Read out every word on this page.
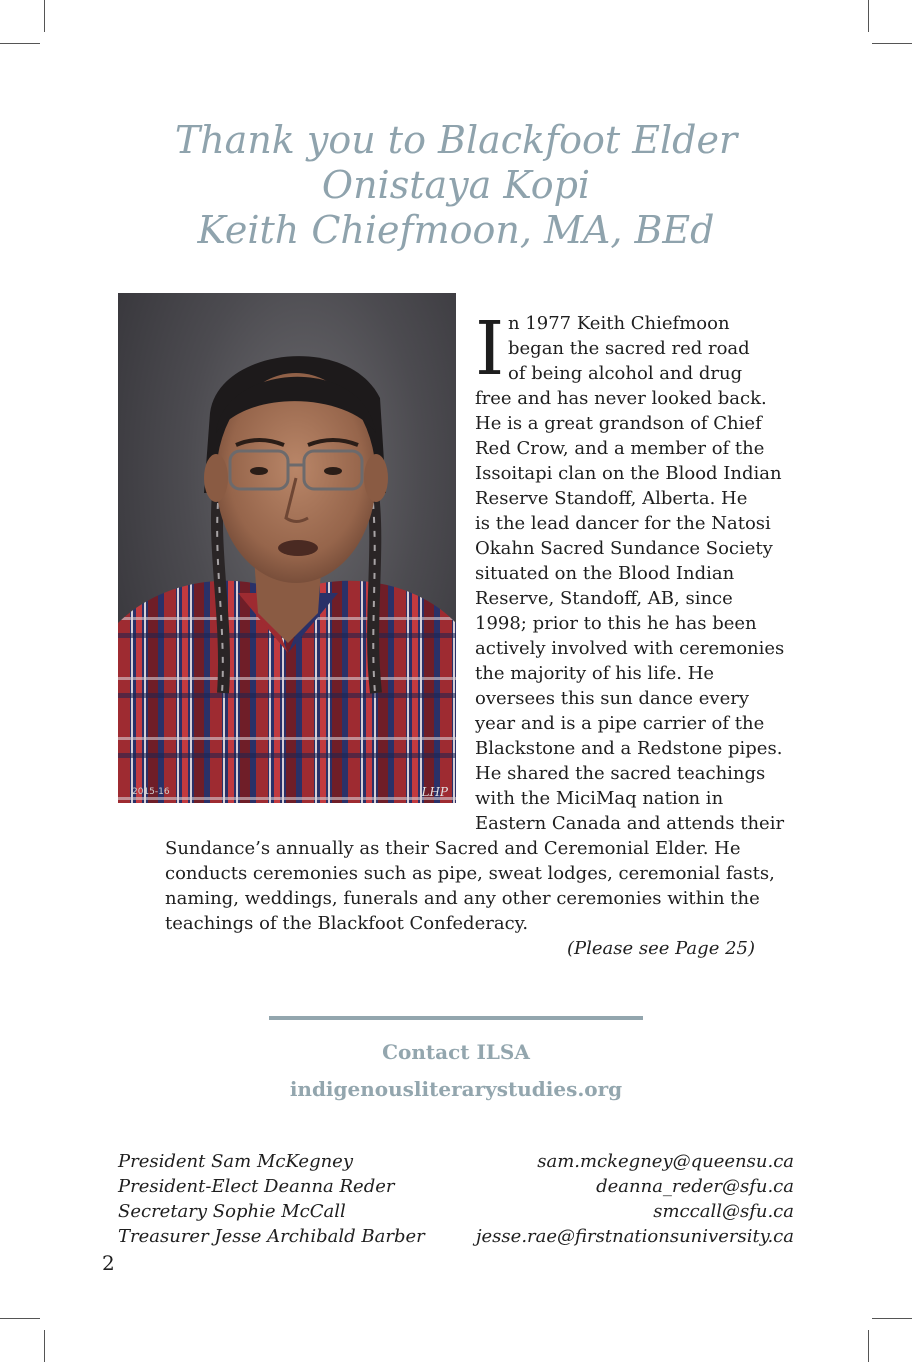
Thank you to Blackfoot Elder
Onistaya Kopi
Keith Chiefmoon, MA, BEd
2015-16	LHP
I n 1977 Keith Chiefmoon
began the sacred red road
of being alcohol and drug
free and has never looked back.
He is a great grandson of Chief
Red Crow, and a member of the
Issoitapi clan on the Blood Indian
Reserve Standoff, Alberta. He
is the lead dancer for the Natosi
Okahn Sacred Sundance Society
situated on the Blood Indian
Reserve, Standoff, AB, since
1998; prior to this he has been
actively involved with ceremonies
the majority of his life. He
oversees this sun dance every
year and is a pipe carrier of the
Blackstone and a Redstone pipes.
He shared the sacred teachings
with the MiciMaq nation in
Eastern Canada and attends their
Sundance’s annually as their Sacred and Ceremonial Elder. He
conducts ceremonies such as pipe, sweat lodges, ceremonial fasts,
naming, weddings, funerals and any other ceremonies within the
teachings of the Blackfoot Confederacy.
(Please see Page 25)
Contact ILSA
indigenousliterarystudies.org
President Sam McKegney	sam.mckegney@queensu.ca
President-Elect Deanna Reder	deanna_reder@sfu.ca
Secretary Sophie McCall	smccall@sfu.ca
Treasurer Jesse Archibald Barber	jesse.rae@firstnationsuniversity.ca
2
